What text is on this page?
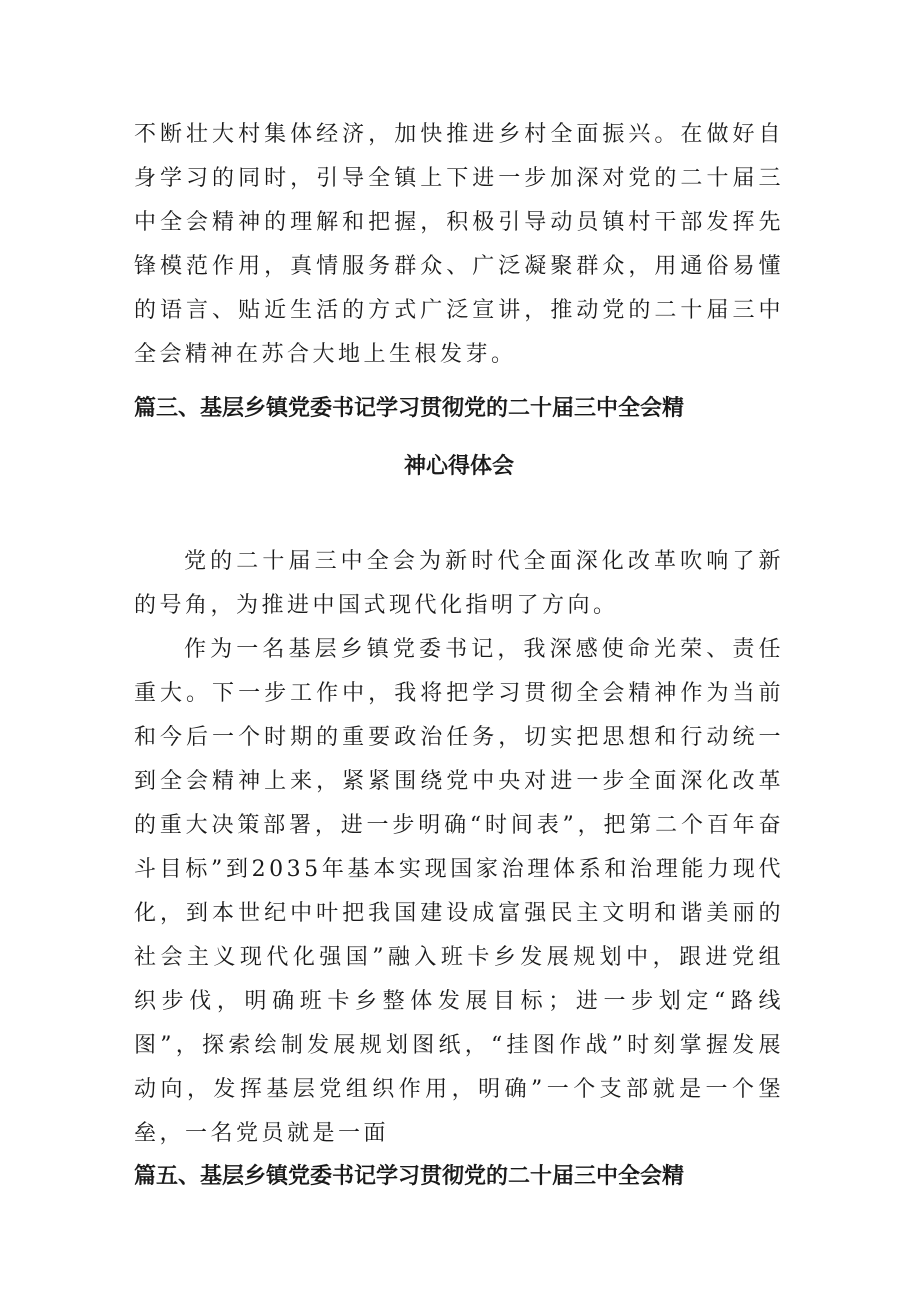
不断壮大村集体经济，加快推进乡村全面振兴。在做好自身学习的同时，引导全镇上下进一步加深对党的二十届三中全会精神的理解和把握，积极引导动员镇村干部发挥先锋模范作用，真情服务群众、广泛凝聚群众，用通俗易懂的语言、贴近生活的方式广泛宣讲，推动党的二十届三中全会精神在苏合大地上生根发芽。

篇三、基层乡镇党委书记学习贯彻党的二十届三中全会精
神心得体会

党的二十届三中全会为新时代全面深化改革吹响了新的号角，为推进中国式现代化指明了方向。

作为一名基层乡镇党委书记，我深感使命光荣、责任重大。下一步工作中，我将把学习贯彻全会精神作为当前和今后一个时期的重要政治任务，切实把思想和行动统一到全会精神上来，紧紧围绕党中央对进一步全面深化改革的重大决策部署，进一步明确“时间表”，把第二个百年奋斗目标”到2035年基本实现国家治理体系和治理能力现代化，到本世纪中叶把我国建设成富强民主文明和谐美丽的社会主义现代化强国”融入班卡乡发展规划中，跟进党组织步伐，明确班卡乡整体发展目标；进一步划定“路线图”，探索绘制发展规划图纸，“挂图作战”时刻掌握发展动向，发挥基层党组织作用，明确”一个支部就是一个堡垒，一名党员就是一面

篇五、基层乡镇党委书记学习贯彻党的二十届三中全会精
